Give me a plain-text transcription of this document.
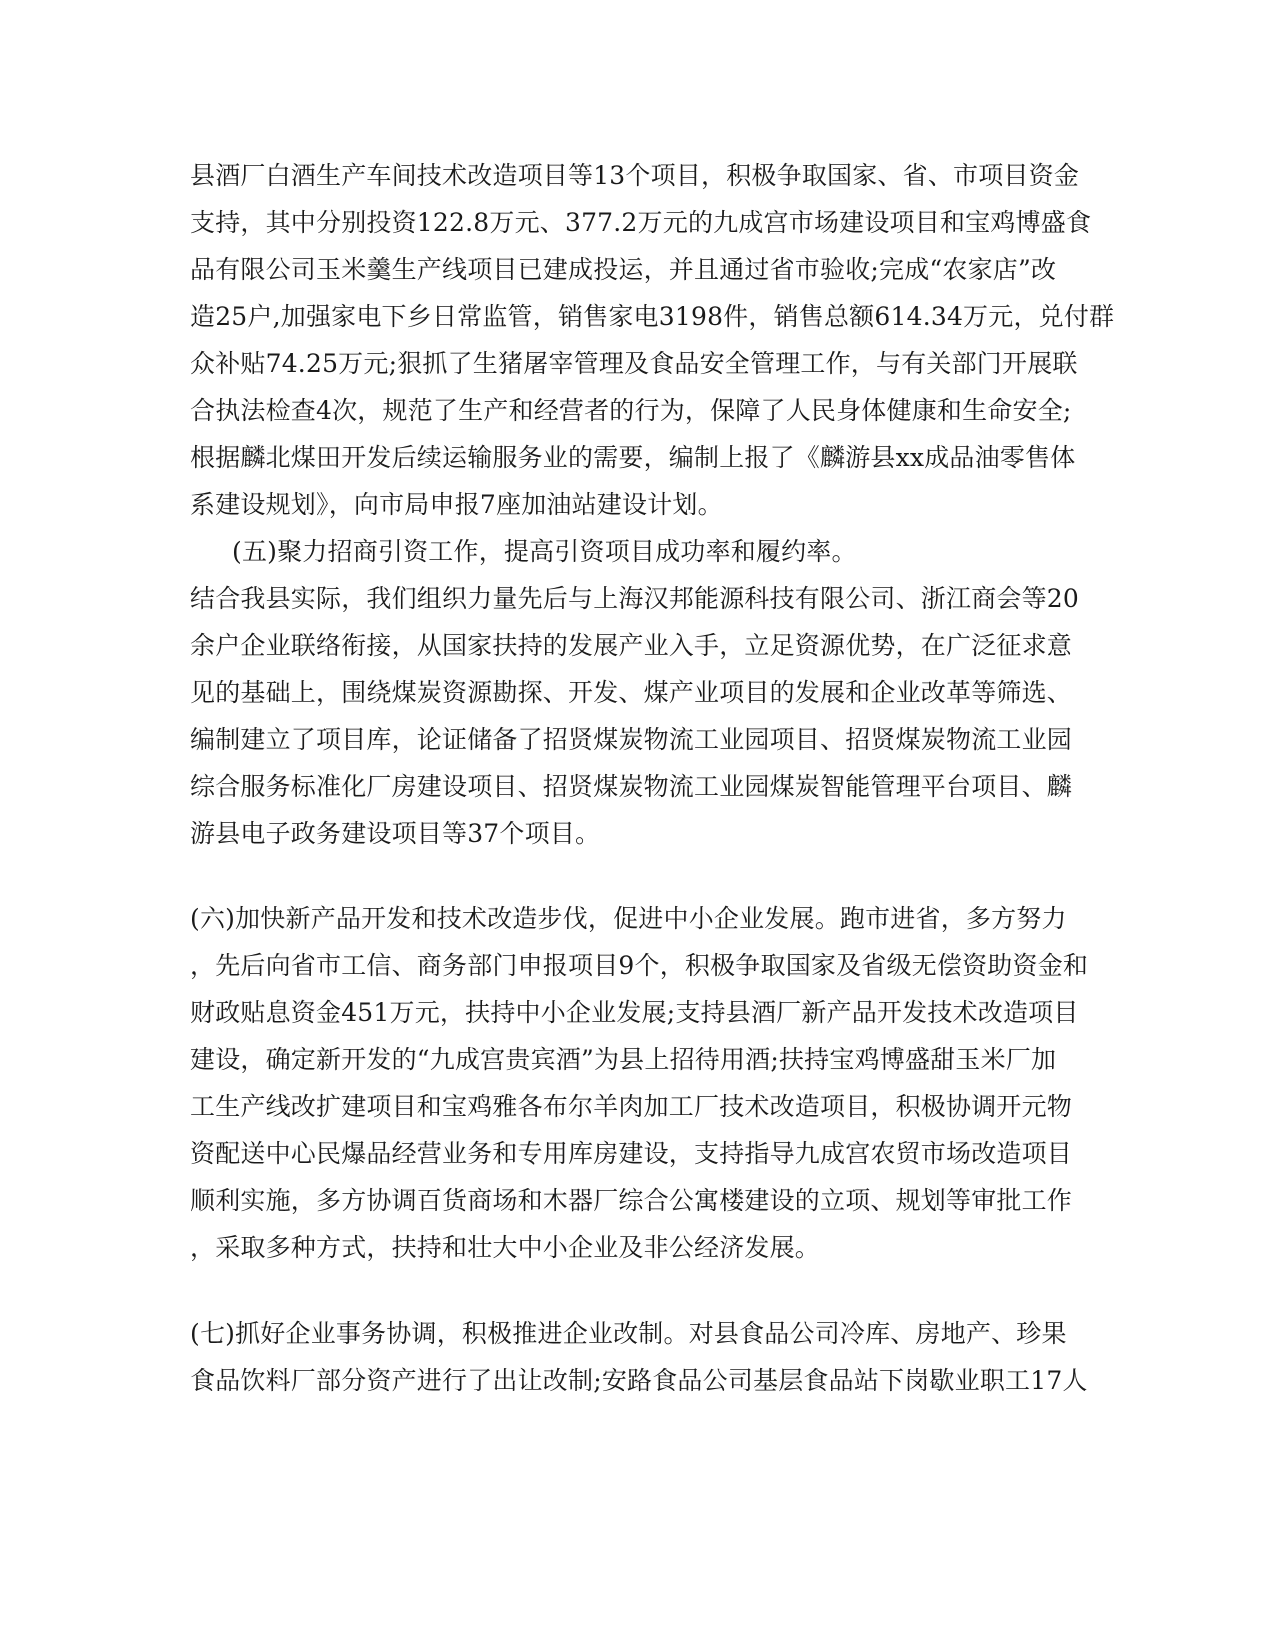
县酒厂白酒生产车间技术改造项目等13个项目，积极争取国家、省、市项目资金
支持，其中分别投资122.8万元、377.2万元的九成宫市场建设项目和宝鸡博盛食
品有限公司玉米羹生产线项目已建成投运，并且通过省市验收;完成“农家店”改
造25户,加强家电下乡日常监管，销售家电3198件，销售总额614.34万元，兑付群
众补贴74.25万元;狠抓了生猪屠宰管理及食品安全管理工作，与有关部门开展联
合执法检查4次，规范了生产和经营者的行为，保障了人民身体健康和生命安全;
根据麟北煤田开发后续运输服务业的需要，编制上报了《麟游县xx成品油零售体
系建设规划》，向市局申报7座加油站建设计划。
(五)聚力招商引资工作，提高引资项目成功率和履约率。
结合我县实际，我们组织力量先后与上海汉邦能源科技有限公司、浙江商会等20
余户企业联络衔接，从国家扶持的发展产业入手，立足资源优势，在广泛征求意
见的基础上，围绕煤炭资源勘探、开发、煤产业项目的发展和企业改革等筛选、
编制建立了项目库，论证储备了招贤煤炭物流工业园项目、招贤煤炭物流工业园
综合服务标准化厂房建设项目、招贤煤炭物流工业园煤炭智能管理平台项目、麟
游县电子政务建设项目等37个项目。
(六)加快新产品开发和技术改造步伐，促进中小企业发展。跑市进省，多方努力
，先后向省市工信、商务部门申报项目9个，积极争取国家及省级无偿资助资金和
财政贴息资金451万元，扶持中小企业发展;支持县酒厂新产品开发技术改造项目
建设，确定新开发的“九成宫贵宾酒”为县上招待用酒;扶持宝鸡博盛甜玉米厂加
工生产线改扩建项目和宝鸡雅各布尔羊肉加工厂技术改造项目，积极协调开元物
资配送中心民爆品经营业务和专用库房建设，支持指导九成宫农贸市场改造项目
顺利实施，多方协调百货商场和木器厂综合公寓楼建设的立项、规划等审批工作
，采取多种方式，扶持和壮大中小企业及非公经济发展。
(七)抓好企业事务协调，积极推进企业改制。对县食品公司冷库、房地产、珍果
食品饮料厂部分资产进行了出让改制;安路食品公司基层食品站下岗歇业职工17人
